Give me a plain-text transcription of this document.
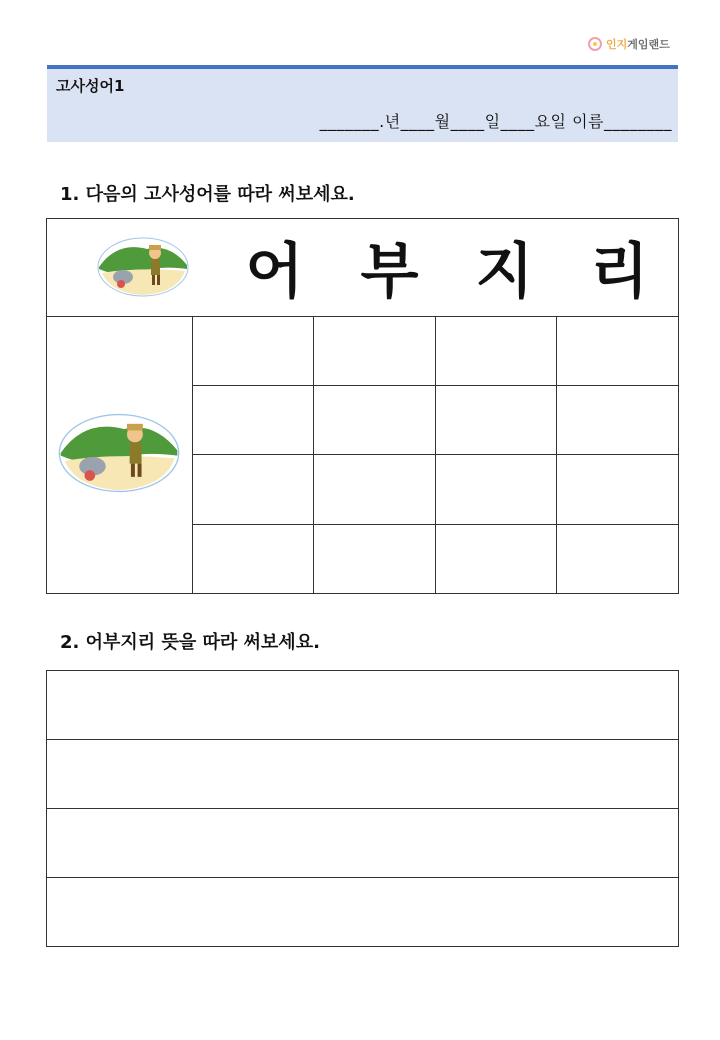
인지 게임랜드
고사성어1
_______.년____월____일____요일 이름________
1. 다음의 고사성어를 따라 써보세요.
어 부 지 리				

2. 어부지리 뜻을 따라 써보세요.
